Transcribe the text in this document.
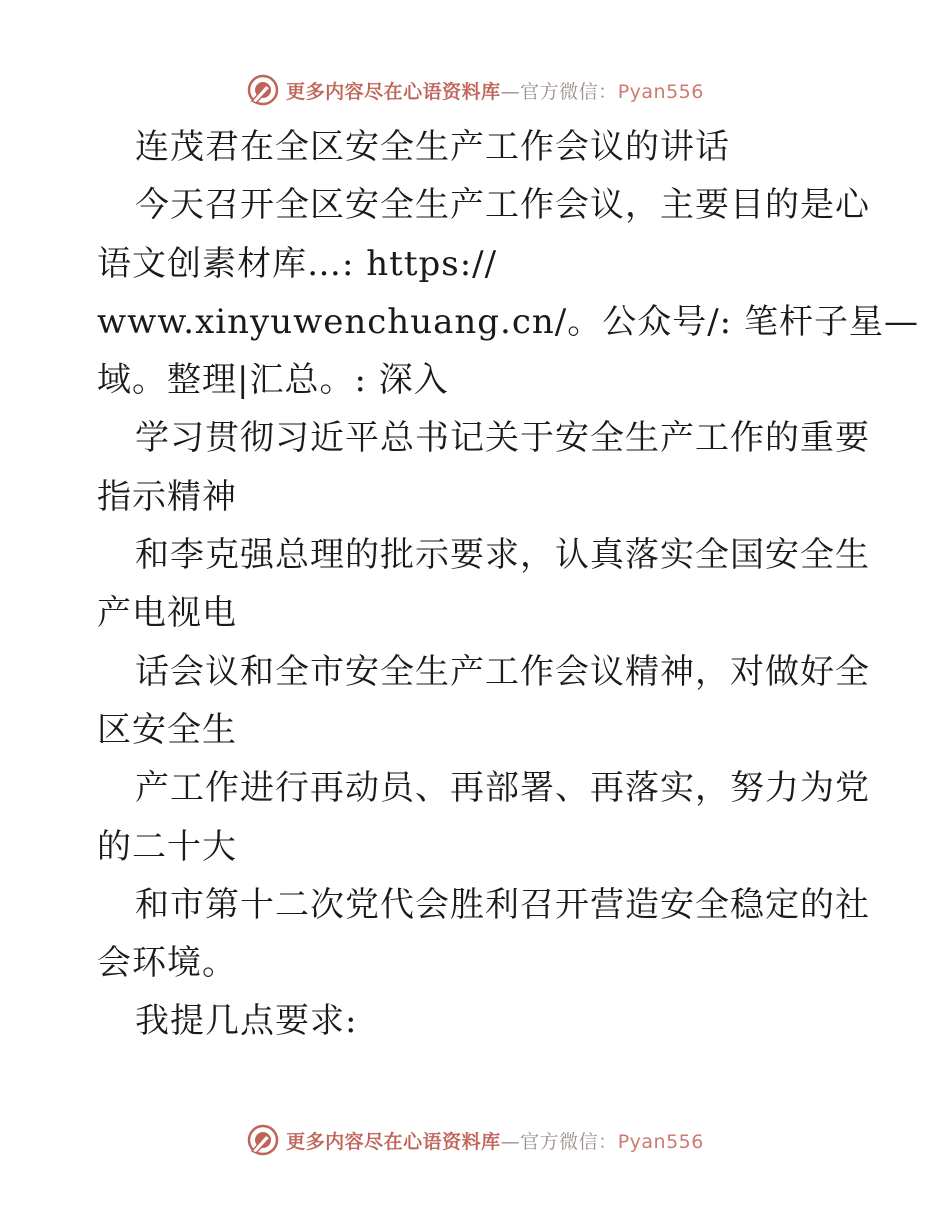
更多内容尽在心语资料库—官方微信：Pyan556
连茂君在全区安全生产工作会议的讲话
今天召开全区安全生产工作会议，主要目的是心
语文创素材库…: https://
www.xinyuwenchuang.cn/。公众号/: 笔杆子星—
域。整理|汇总。: 深入
学习贯彻习近平总书记关于安全生产工作的重要
指示精神
和李克强总理的批示要求，认真落实全国安全生
产电视电
话会议和全市安全生产工作会议精神，对做好全
区安全生
产工作进行再动员、再部署、再落实，努力为党
的二十大
和市第十二次党代会胜利召开营造安全稳定的社
会环境。
我提几点要求:
更多内容尽在心语资料库—官方微信：Pyan556
